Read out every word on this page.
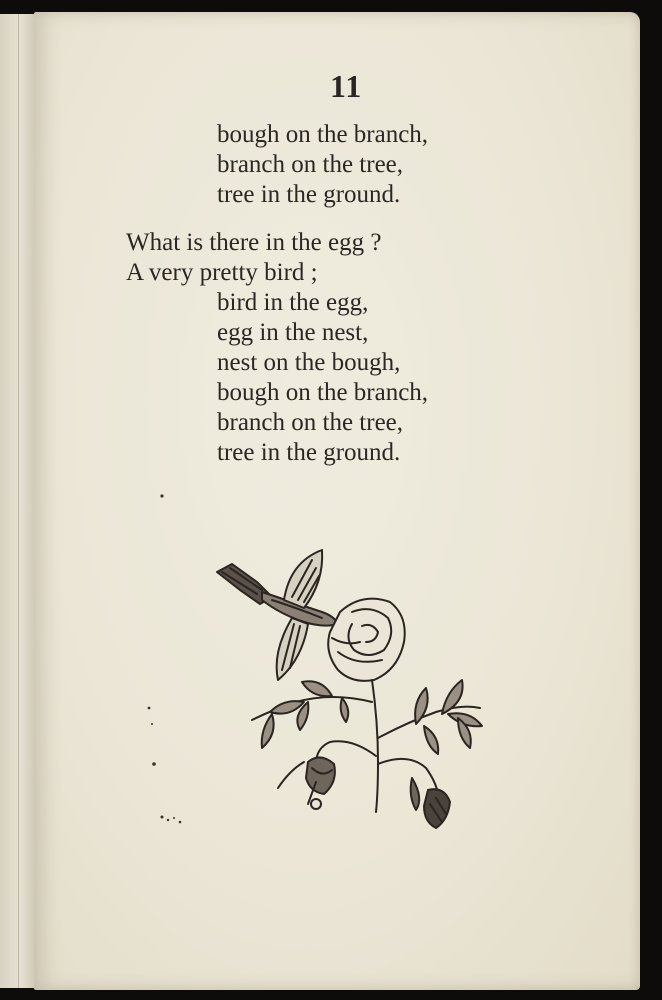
11
bough on the branch,
branch on the tree,
tree in the ground.
What is there in the egg ?
A very pretty bird ;
bird in the egg,
egg in the nest,
nest on the bough,
bough on the branch,
branch on the tree,
tree in the ground.
